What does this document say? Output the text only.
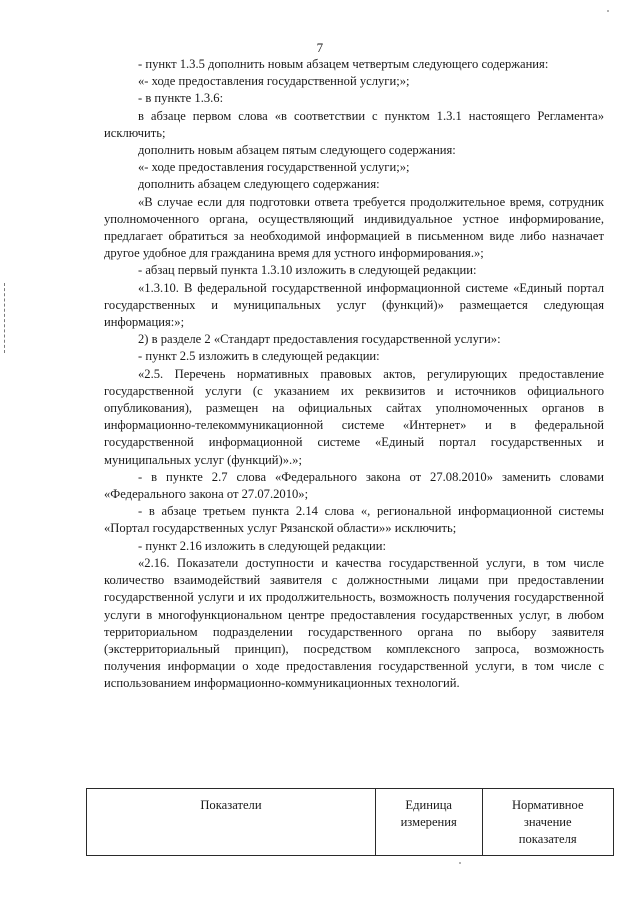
7

- пункт 1.3.5 дополнить новым абзацем четвертым следующего содержания:

«- ходе предоставления государственной услуги;»;

- в пункте 1.3.6:

в абзаце первом слова «в соответствии с пунктом 1.3.1 настоящего Регламента» исключить;

дополнить новым абзацем пятым следующего содержания:

«- ходе предоставления государственной услуги;»;

дополнить абзацем следующего содержания:

«В случае если для подготовки ответа требуется продолжительное время, сотрудник уполномоченного органа, осуществляющий индивидуальное устное информирование, предлагает обратиться за необходимой информацией в письменном виде либо назначает другое удобное для гражданина время для устного информирования.»;

- абзац первый пункта 1.3.10 изложить в следующей редакции:

«1.3.10. В федеральной государственной информационной системе «Единый портал государственных и муниципальных услуг (функций)» размещается следующая информация:»;

2) в разделе 2 «Стандарт предоставления государственной услуги»:

- пункт 2.5 изложить в следующей редакции:

«2.5. Перечень нормативных правовых актов, регулирующих предоставление государственной услуги (с указанием их реквизитов и источников официального опубликования), размещен на официальных сайтах уполномоченных органов в информационно-телекоммуникационной системе «Интернет» и в федеральной государственной информационной системе «Единый портал государственных и муниципальных услуг (функций)».»;

- в пункте 2.7 слова «Федерального закона от 27.08.2010» заменить словами «Федерального закона от 27.07.2010»;

- в абзаце третьем пункта 2.14 слова «, региональной информационной системы «Портал государственных услуг Рязанской области»» исключить;

- пункт 2.16 изложить в следующей редакции:

«2.16. Показатели доступности и качества государственной услуги, в том числе количество взаимодействий заявителя с должностными лицами при предоставлении государственной услуги и их продолжительность, возможность получения государственной услуги в многофункциональном центре предоставления государственных услуг, в любом территориальном подразделении государственного органа по выбору заявителя (экстерриториальный принцип), посредством комплексного запроса, возможность получения информации о ходе предоставления государственной услуги, в том числе с использованием информационно-коммуникационных технологий.

Показатели	Единица измерения
Нормативное значение показателя
